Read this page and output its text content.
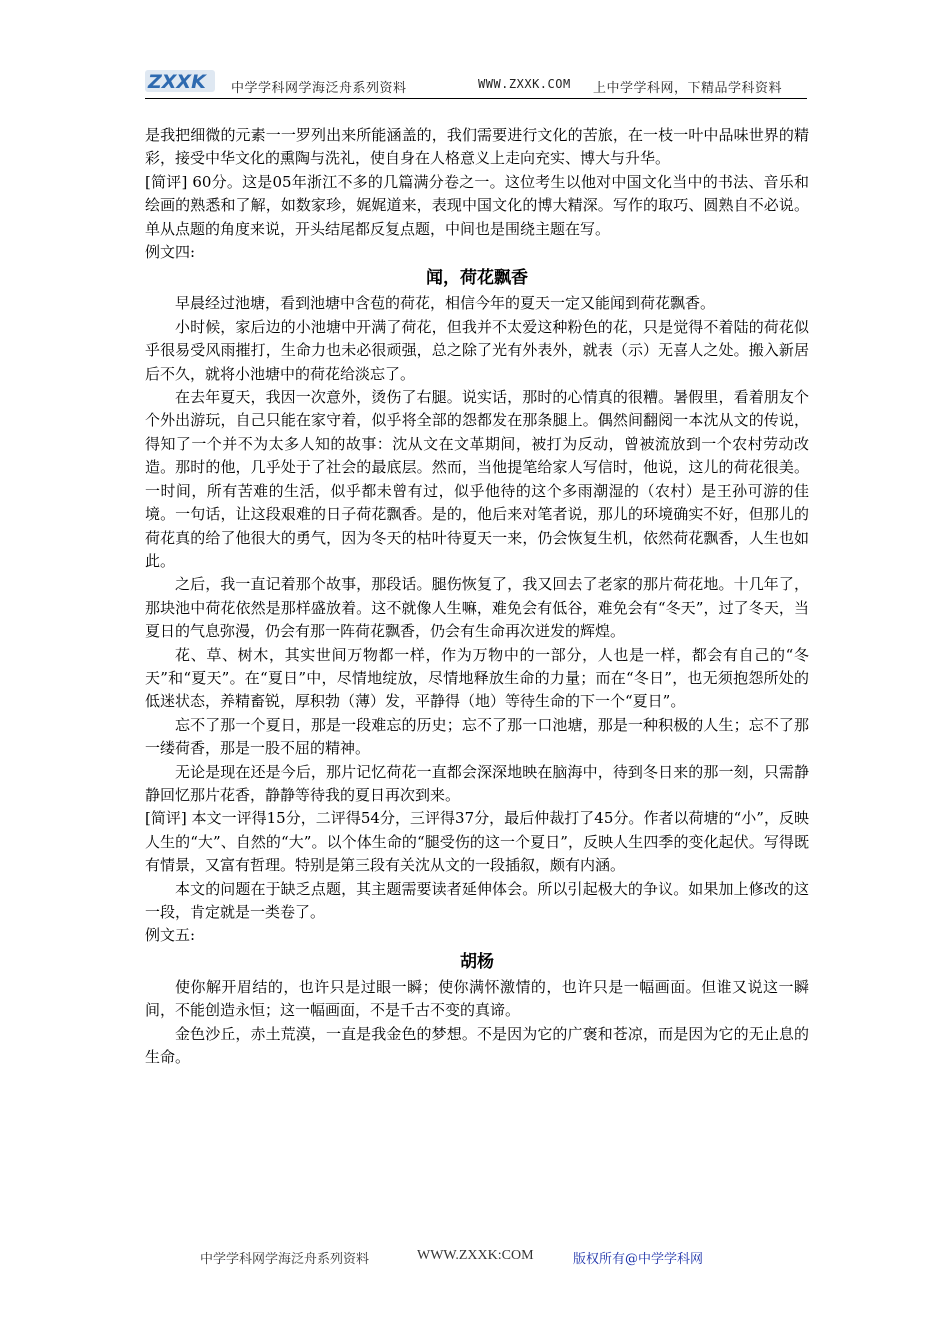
ZXXK 中学学科网学海泛舟系列资料	WWW.ZXXK.COM 上中学学科网，下精品学科资料

是我把细微的元素一一罗列出来所能涵盖的，我们需要进行文化的苦旅，在一枝一叶中品味世界的精彩，接受中华文化的熏陶与洗礼，使自身在人格意义上走向充实、博大与升华。

[简评] 60分。这是05年浙江不多的几篇满分卷之一。这位考生以他对中国文化当中的书法、音乐和绘画的熟悉和了解，如数家珍，娓娓道来，表现中国文化的博大精深。写作的取巧、圆熟自不必说。单从点题的角度来说，开头结尾都反复点题，中间也是围绕主题在写。

例文四:

闻，荷花飘香

早晨经过池塘，看到池塘中含苞的荷花，相信今年的夏天一定又能闻到荷花飘香。

小时候，家后边的小池塘中开满了荷花，但我并不太爱这种粉色的花，只是觉得不着陆的荷花似乎很易受风雨摧打，生命力也未必很顽强，总之除了光有外表外，就表（示）无喜人之处。搬入新居后不久，就将小池塘中的荷花给淡忘了。

在去年夏天，我因一次意外，烫伤了右腿。说实话，那时的心情真的很糟。暑假里，看着朋友个个外出游玩，自己只能在家守着，似乎将全部的怨都发在那条腿上。偶然间翻阅一本沈从文的传说，得知了一个并不为太多人知的故事：沈从文在文革期间，被打为反动，曾被流放到一个农村劳动改造。那时的他，几乎处于了社会的最底层。然而，当他提笔给家人写信时，他说，这儿的荷花很美。一时间，所有苦难的生活，似乎都未曾有过，似乎他待的这个多雨潮湿的（农村）是王孙可游的佳境。一句话，让这段艰难的日子荷花飘香。是的，他后来对笔者说，那儿的环境确实不好，但那儿的荷花真的给了他很大的勇气，因为冬天的枯叶待夏天一来，仍会恢复生机，依然荷花飘香，人生也如此。

之后，我一直记着那个故事，那段话。腿伤恢复了，我又回去了老家的那片荷花地。十几年了，那块池中荷花依然是那样盛放着。这不就像人生嘛，难免会有低谷，难免会有“冬天”，过了冬天，当夏日的气息弥漫，仍会有那一阵荷花飘香，仍会有生命再次迸发的辉煌。

花、草、树木，其实世间万物都一样，作为万物中的一部分，人也是一样，都会有自己的“冬天”和“夏天”。在“夏日”中，尽情地绽放，尽情地释放生命的力量；而在“冬日”，也无须抱怨所处的低迷状态，养精畜锐，厚积勃（薄）发，平静得（地）等待生命的下一个“夏日”。

忘不了那一个夏日，那是一段难忘的历史；忘不了那一口池塘，那是一种积极的人生；忘不了那一缕荷香，那是一股不屈的精神。

无论是现在还是今后，那片记忆荷花一直都会深深地映在脑海中，待到冬日来的那一刻，只需静静回忆那片花香，静静等待我的夏日再次到来。

[简评] 本文一评得15分，二评得54分，三评得37分，最后仲裁打了45分。作者以荷塘的“小”，反映人生的“大”、自然的“大”。以个体生命的“腿受伤的这一个夏日”，反映人生四季的变化起伏。写得既有情景，又富有哲理。特别是第三段有关沈从文的一段插叙，颇有内涵。

本文的问题在于缺乏点题，其主题需要读者延伸体会。所以引起极大的争议。如果加上修改的这一段，肯定就是一类卷了。

例文五:

胡杨

使你解开眉结的，也许只是过眼一瞬；使你满怀激情的，也许只是一幅画面。但谁又说这一瞬间，不能创造永恒；这一幅画面，不是千古不变的真谛。

金色沙丘，赤土荒漠，一直是我金色的梦想。不是因为它的广褒和苍凉，而是因为它的无止息的生命。

中学学科网学海泛舟系列资料	WWW.ZXXK:COM	版权所有@中学学科网
